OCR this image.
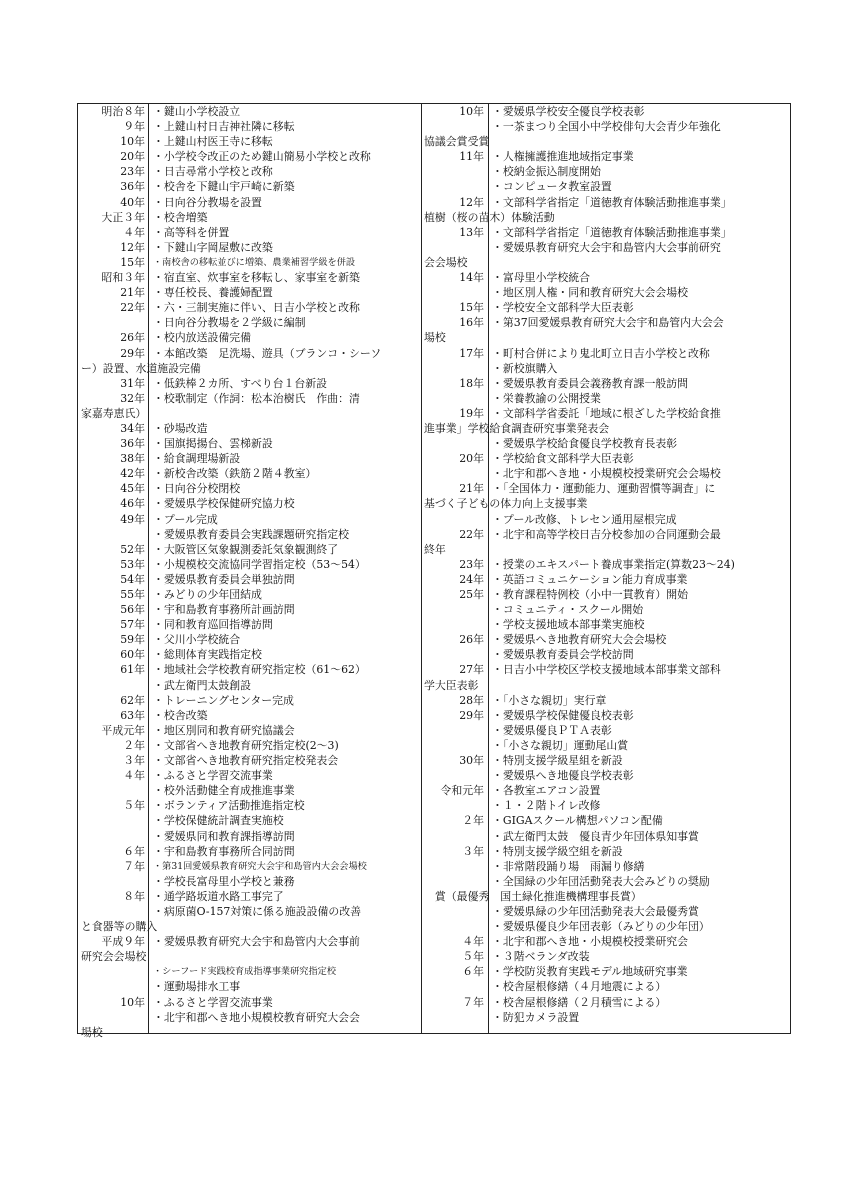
明治８年 ・鍵山小学校設立
９年 ・上鍵山村日吉神社隣に移転
10年 ・上鍵山村医王寺に移転
20年 ・小学校令改正のため鍵山簡易小学校と改称
23年 ・日吉尋常小学校と改称
36年 ・校舎を下鍵山宇戸崎に新築
40年 ・日向谷分教場を設置
大正３年 ・校舎増築
４年 ・高等科を併置
12年 ・下鍵山字岡屋敷に改築
15年 ・南校舎の移転並びに増築、農業補習学級を併設
昭和３年 ・宿直室、炊事室を移転し、家事室を新築
21年 ・専任校長、養護婦配置
22年 ・六・三制実施に伴い、日吉小学校と改称
・日向谷分教場を２学級に編制
26年 ・校内放送設備完備
29年 ・本館改築　足洗場、遊具（ブランコ・シーソ
ー）設置、水道施設完備
31年 ・低鉄棒２カ所、すべり台１台新設
32年 ・校歌制定（作詞：松本治樹氏　作曲：清
家嘉寿恵氏）
34年 ・砂場改造
36年 ・国旗掲揚台、雲梯新設
38年 ・給食調理場新設
42年 ・新校舎改築（鉄筋２階４教室）
45年 ・日向谷分校閉校
46年 ・愛媛県学校保健研究協力校
49年 ・プール完成
・愛媛県教育委員会実践課題研究指定校
52年 ・大阪管区気象観測委託気象観測終了
53年 ・小規模校交流協同学習指定校（53～54）
54年 ・愛媛県教育委員会単独訪問
55年 ・みどりの少年団結成
56年 ・宇和島教育事務所計画訪問
57年 ・同和教育巡回指導訪問
59年 ・父川小学校統合
60年 ・総則体育実践指定校
61年 ・地域社会学校教育研究指定校（61～62）
・武左衛門太鼓創設
62年 ・トレーニングセンター完成
63年 ・校舎改築
平成元年 ・地区別同和教育研究協議会
２年 ・文部省へき地教育研究指定校(2～3)
３年 ・文部省へき地教育研究指定校発表会
４年 ・ふるさと学習交流事業
・校外活動健全育成推進事業
５年 ・ボランティア活動推進指定校
・学校保健統計調査実施校
・愛媛県同和教育課指導訪問
６年 ・宇和島教育事務所合同訪問
７年 ・第31回愛媛県教育研究大会宇和島管内大会会場校
・学校長富母里小学校と兼務
８年 ・通学路坂道水路工事完了
・病原菌O-157対策に係る施設設備の改善
と食器等の購入
平成９年 ・愛媛県教育研究大会宇和島管内大会事前
研究会会場校
・シーフード実践校育成指導事業研究指定校
・運動場排水工事
10年 ・ふるさと学習交流事業
・北宇和郡へき地小規模校教育研究大会会
場校
10年 ・愛媛県学校安全優良学校表彰
・一茶まつり全国小中学校俳句大会青少年強化
協議会賞受賞
11年 ・人権擁護推進地域指定事業
・校納金振込制度開始
・コンピュータ教室設置
12年 ・文部科学省指定「道徳教育体験活動推進事業」
植樹（桜の苗木）体験活動
13年 ・文部科学省指定「道徳教育体験活動推進事業」
・愛媛県教育研究大会宇和島管内大会事前研究
会会場校
14年 ・富母里小学校統合
・地区別人権・同和教育研究大会会場校
15年 ・学校安全文部科学大臣表彰
16年 ・第37回愛媛県教育研究大会宇和島管内大会会
場校
17年 ・町村合併により鬼北町立日吉小学校と改称
・新校旗購入
18年 ・愛媛県教育委員会義務教育課一般訪問
・栄養教諭の公開授業
19年 ・文部科学省委託「地域に根ざした学校給食推
進事業」学校給食調査研究事業発表会
・愛媛県学校給食優良学校教育長表彰
20年 ・学校給食文部科学大臣表彰
・北宇和郡へき地・小規模校授業研究会会場校
21年 ・「全国体力・運動能力、運動習慣等調査」に
基づく子どもの体力向上支援事業
・プール改修、トレセン通用屋根完成
22年 ・北宇和高等学校日吉分校参加の合同運動会最
終年
23年 ・授業のエキスパート養成事業指定(算数23～24)
24年 ・英語コミュニケーション能力育成事業
25年 ・教育課程特例校（小中一貫教育）開始
・コミュニティ・スクール開始
・学校支援地域本部事業実施校
26年 ・愛媛県へき地教育研究大会会場校
・愛媛県教育委員会学校訪問
27年 ・日吉小中学校区学校支援地域本部事業文部科
学大臣表彰
28年 ・「小さな親切」実行章
29年 ・愛媛県学校保健優良校表彰
・愛媛県優良ＰＴＡ表彰
・「小さな親切」運動尾山賞
30年 ・特別支援学級星組を新設
・愛媛県へき地優良学校表彰
令和元年 ・各教室エアコン設置
・１・２階トイレ改修
２年 ・GIGAスクール構想パソコン配備
・武左衛門太鼓　優良青少年団体県知事賞
３年 ・特別支援学級空組を新設
・非常階段踊り場　雨漏り修繕
・全国緑の少年団活動発表大会みどりの奨励
　賞（最優秀　国土緑化推進機構理事長賞）
・愛媛県緑の少年団活動発表大会最優秀賞
・愛媛県優良少年団表彰（みどりの少年団）
４年 ・北宇和郡へき地・小規模校授業研究会
５年 ・３階ベランダ改装
６年 ・学校防災教育実践モデル地域研究事業
・校舎屋根修繕（４月地震による）
７年 ・校舎屋根修繕（２月積雪による）
・防犯カメラ設置
